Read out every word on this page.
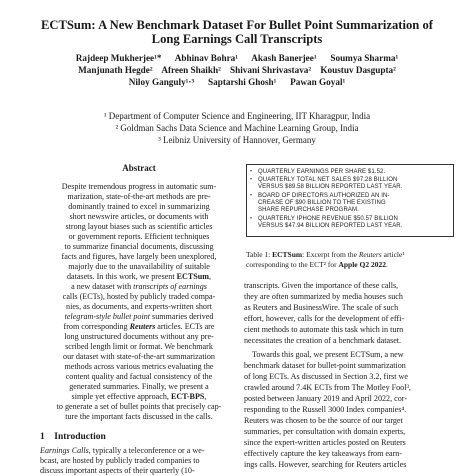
ECTSum: A New Benchmark Dataset For Bullet Point Summarization of
Long Earnings Call Transcripts
Rajdeep Mukherjee¹* Abhinav Bohra¹ Akash Banerjee¹ Soumya Sharma¹
Manjunath Hegde² Afreen Shaikh² Shivani Shrivastava² Koustuv Dasgupta²
Niloy Ganguly¹·³ Saptarshi Ghosh¹ Pawan Goyal¹
¹ Department of Computer Science and Engineering, IIT Kharagpur, India
² Goldman Sachs Data Science and Machine Learning Group, India
³ Leibniz University of Hannover, Germany
Abstract
Despite tremendous progress in automatic sum-
marization, state-of-the-art methods are pre-
dominantly trained to excel in summarizing
short newswire articles, or documents with
strong layout biases such as scientific articles
or government reports. Efficient techniques
to summarize financial documents, discussing
facts and figures, have largely been unexplored,
majorly due to the unavailability of suitable
datasets. In this work, we present ECTSum,
a new dataset with transcripts of earnings
calls (ECTs), hosted by publicly traded compa-
nies, as documents, and experts-written short
telegram-style bullet point summaries derived
from corresponding Reuters articles. ECTs are
long unstructured documents without any pre-
scribed length limit or format. We benchmark
our dataset with state-of-the-art summarization
methods across various metrics evaluating the
content quality and factual consistency of the
generated summaries. Finally, we present a
simple yet effective approach, ECT-BPS,
to generate a set of bullet points that precisely cap-
ture the important facts discussed in the calls.
1 Introduction
Earnings Calls, typically a teleconference or a we-
bcast, are hosted by publicly traded companies to
discuss important aspects of their quarterly (10-
• QUARTERLY EARNINGS PER SHARE $1.52.
• QUARTERLY TOTAL NET SALES $97.28 BILLION
VERSUS $89.58 BILLION REPORTED LAST YEAR.
• BOARD OF DIRECTORS AUTHORIZED AN IN-
CREASE OF $90 BILLION TO THE EXISTING
SHARE REPURCHASE PROGRAM.
• QUARTERLY IPHONE REVENUE $50.57 BILLION
VERSUS $47.94 BILLION REPORTED LAST YEAR.
Table 1: ECTSum: Excerpt from the Reuters article¹
corresponding to the ECT² for Apple Q2 2022.
transcripts. Given the importance of these calls,
they are often summarized by media houses such
as Reuters and BusinessWire. The scale of such
effort, however, calls for the development of effi-
cient methods to automate this task which in turn
necessitates the creation of a benchmark dataset.
Towards this goal, we present ECTSum, a new
benchmark dataset for bullet-point summarization
of long ECTs. As discussed in Section 3.2, first we
crawled around 7.4K ECTs from The Motley Fool³,
posted between January 2019 and April 2022, cor-
responding to the Russell 3000 Index companies⁴.
Reuters was chosen to be the source of our target
summaries, per consultation with domain experts,
since the expert-written articles posted on Reuters
effectively capture the key takeaways from earn-
ings calls. However, searching for Reuters articles
